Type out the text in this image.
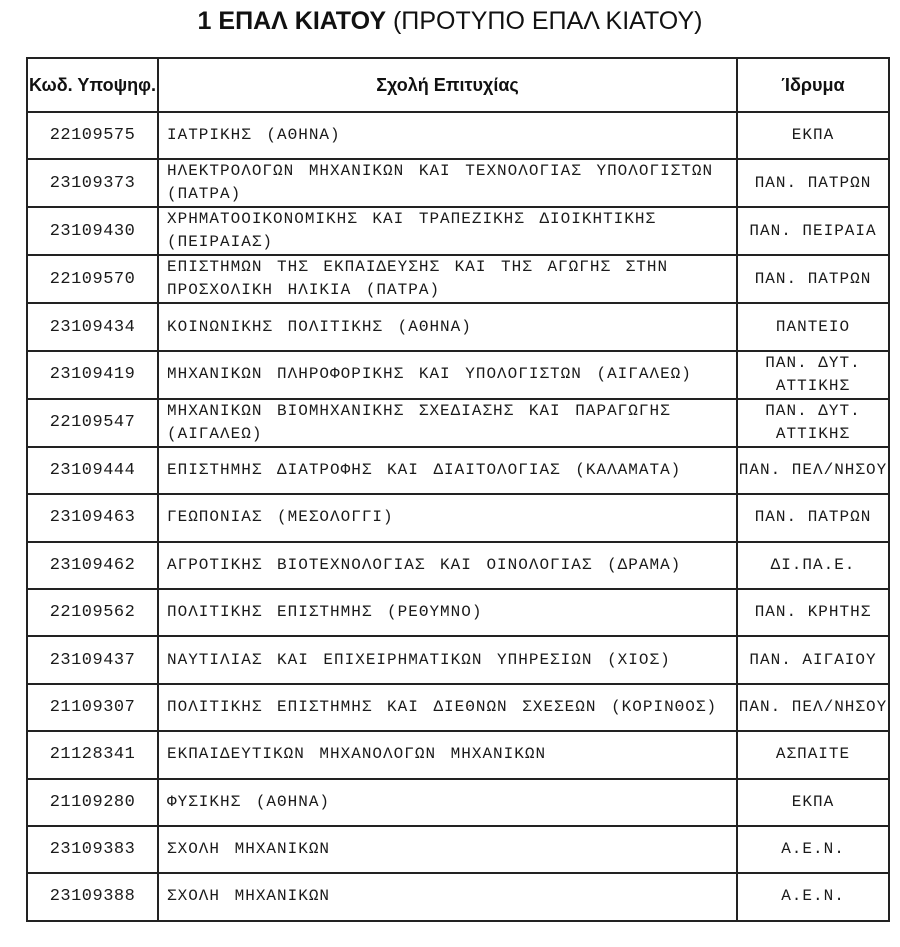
1 ΕΠΑΛ ΚΙΑΤΟΥ (ΠΡΟΤΥΠΟ ΕΠΑΛ ΚΙΑΤΟΥ)
Κωδ. Υποψηφ.	Σχολή Επιτυχίας	Ίδρυμα
22109575	ΙΑΤΡΙΚΗΣ (ΑΘΗΝΑ)	ΕΚΠΑ
23109373	ΗΛΕΚΤΡΟΛΟΓΩΝ ΜΗΧΑΝΙΚΩΝ ΚΑΙ ΤΕΧΝΟΛΟΓΙΑΣ ΥΠΟΛΟΓΙΣΤΩΝ (ΠΑΤΡΑ)	ΠΑΝ. ΠΑΤΡΩΝ
23109430	ΧΡΗΜΑΤΟΟΙΚΟΝΟΜΙΚΗΣ ΚΑΙ ΤΡΑΠΕΖΙΚΗΣ ΔΙΟΙΚΗΤΙΚΗΣ (ΠΕΙΡΑΙΑΣ)	ΠΑΝ. ΠΕΙΡΑΙΑ
22109570	ΕΠΙΣΤΗΜΩΝ ΤΗΣ ΕΚΠΑΙΔΕΥΣΗΣ ΚΑΙ ΤΗΣ ΑΓΩΓΗΣ ΣΤΗΝ ΠΡΟΣΧΟΛΙΚΗ ΗΛΙΚΙΑ (ΠΑΤΡΑ)	ΠΑΝ. ΠΑΤΡΩΝ
23109434	ΚΟΙΝΩΝΙΚΗΣ ΠΟΛΙΤΙΚΗΣ (ΑΘΗΝΑ)	ΠΑΝΤΕΙΟ
23109419	ΜΗΧΑΝΙΚΩΝ ΠΛΗΡΟΦΟΡΙΚΗΣ ΚΑΙ ΥΠΟΛΟΓΙΣΤΩΝ (ΑΙΓΑΛΕΩ)	ΠΑΝ. ΔΥΤ. ΑΤΤΙΚΗΣ
22109547	ΜΗΧΑΝΙΚΩΝ ΒΙΟΜΗΧΑΝΙΚΗΣ ΣΧΕΔΙΑΣΗΣ ΚΑΙ ΠΑΡΑΓΩΓΗΣ (ΑΙΓΑΛΕΩ)	ΠΑΝ. ΔΥΤ. ΑΤΤΙΚΗΣ
23109444	ΕΠΙΣΤΗΜΗΣ ΔΙΑΤΡΟΦΗΣ ΚΑΙ ΔΙΑΙΤΟΛΟΓΙΑΣ (ΚΑΛΑΜΑΤΑ)	ΠΑΝ. ΠΕΛ/ΝΗΣΟΥ
23109463	ΓΕΩΠΟΝΙΑΣ (ΜΕΣΟΛΟΓΓΙ)	ΠΑΝ. ΠΑΤΡΩΝ
23109462	ΑΓΡΟΤΙΚΗΣ ΒΙΟΤΕΧΝΟΛΟΓΙΑΣ ΚΑΙ ΟΙΝΟΛΟΓΙΑΣ (ΔΡΑΜΑ)	ΔΙ.ΠΑ.Ε.
22109562	ΠΟΛΙΤΙΚΗΣ ΕΠΙΣΤΗΜΗΣ (ΡΕΘΥΜΝΟ)	ΠΑΝ. ΚΡΗΤΗΣ
23109437	ΝΑΥΤΙΛΙΑΣ ΚΑΙ ΕΠΙΧΕΙΡΗΜΑΤΙΚΩΝ ΥΠΗΡΕΣΙΩΝ (ΧΙΟΣ)	ΠΑΝ. ΑΙΓΑΙΟΥ
21109307	ΠΟΛΙΤΙΚΗΣ ΕΠΙΣΤΗΜΗΣ ΚΑΙ ΔΙΕΘΝΩΝ ΣΧΕΣΕΩΝ (ΚΟΡΙΝΘΟΣ)	ΠΑΝ. ΠΕΛ/ΝΗΣΟΥ
21128341	ΕΚΠΑΙΔΕΥΤΙΚΩΝ ΜΗΧΑΝΟΛΟΓΩΝ ΜΗΧΑΝΙΚΩΝ	ΑΣΠΑΙΤΕ
21109280	ΦΥΣΙΚΗΣ (ΑΘΗΝΑ)	ΕΚΠΑ
23109383	ΣΧΟΛΗ ΜΗΧΑΝΙΚΩΝ	Α.Ε.Ν.
23109388	ΣΧΟΛΗ ΜΗΧΑΝΙΚΩΝ	Α.Ε.Ν.
